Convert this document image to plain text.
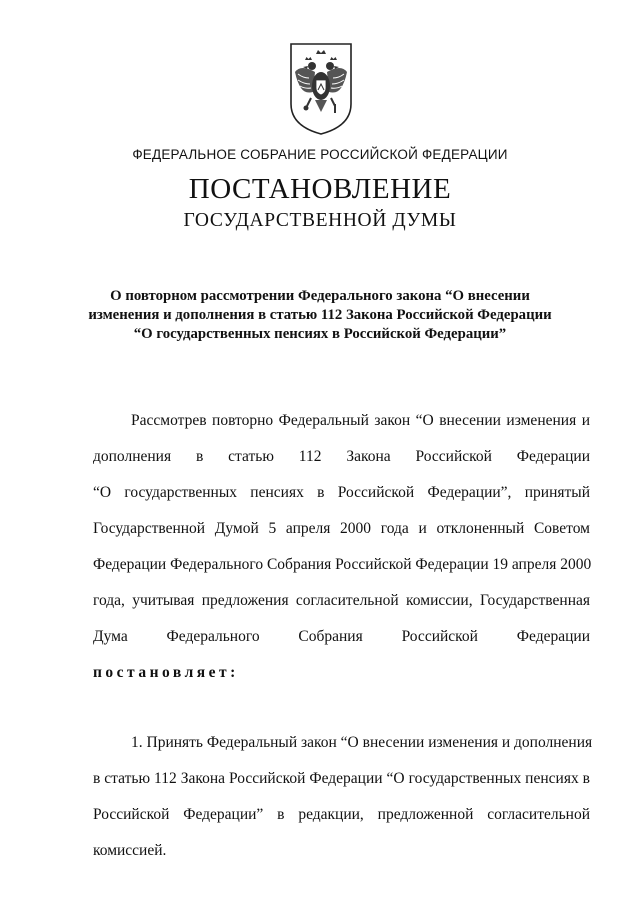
ФЕДЕРАЛЬНОЕ СОБРАНИЕ РОССИЙСКОЙ ФЕДЕРАЦИИ
ПОСТАНОВЛЕНИЕ
ГОСУДАРСТВЕННОЙ ДУМЫ
О повторном рассмотрении Федерального закона “О внесении
изменения и дополнения в статью 112 Закона Российской Федерации
“О государственных пенсиях в Российской Федерации”
Рассмотрев повторно Федеральный закон “О внесении изменения и
дополнения в статью 112 Закона Российской Федерации
“О государственных пенсиях в Российской Федерации”, принятый
Государственной Думой 5 апреля 2000 года и отклоненный Советом
Федерации Федерального Собрания Российской Федерации 19 апреля 2000
года, учитывая предложения согласительной комиссии, Государственная
Дума Федерального Собрания Российской Федерации
постановляет:
1. Принять Федеральный закон “О внесении изменения и дополнения
в статью 112 Закона Российской Федерации “О государственных пенсиях в
Российской Федерации” в редакции, предложенной согласительной
комиссией.
